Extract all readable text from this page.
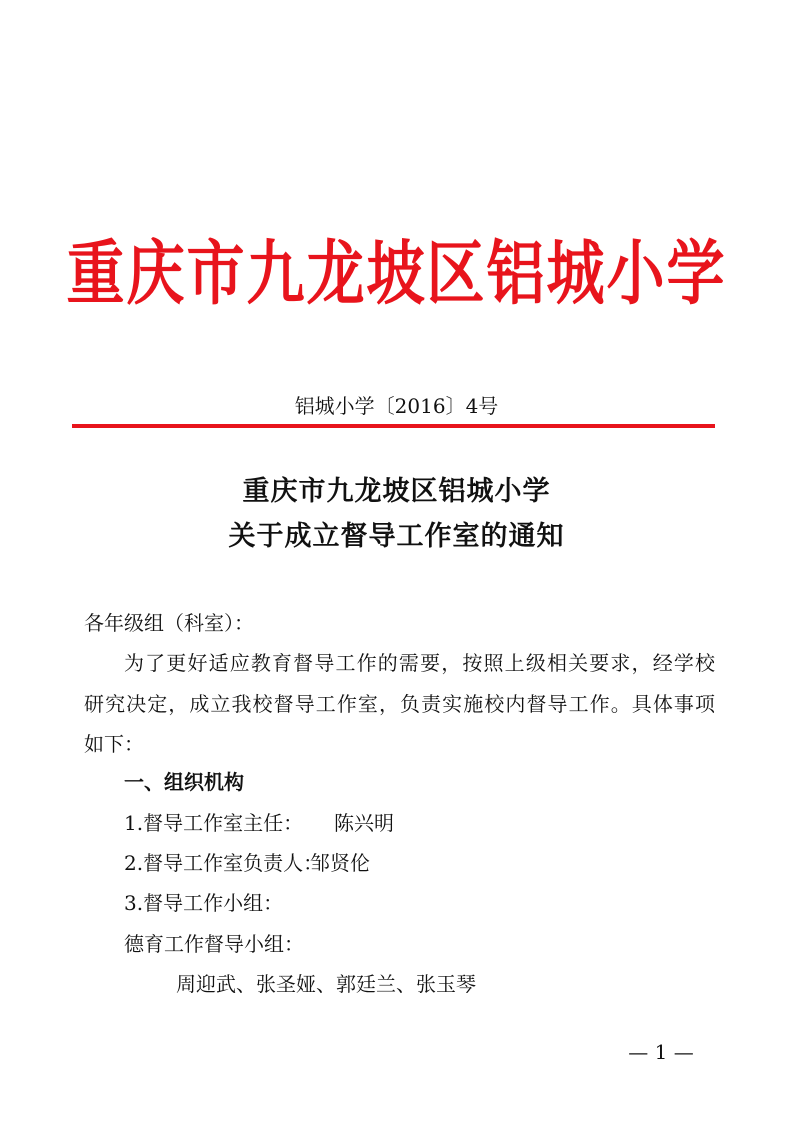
重庆市九龙坡区铝城小学
铝城小学〔2016〕4号
重庆市九龙坡区铝城小学
关于成立督导工作室的通知
各年级组（科室）：
为了更好适应教育督导工作的需要，按照上级相关要求，经学校
研究决定，成立我校督导工作室，负责实施校内督导工作。具体事项
如下：
一、组织机构
1.督导工作室主任： 陈兴明
2.督导工作室负责人：
邹贤伦
3.督导工作小组：
德育工作督导小组：
周迎武、张圣娅、郭廷兰、张玉琴
— 1 —
